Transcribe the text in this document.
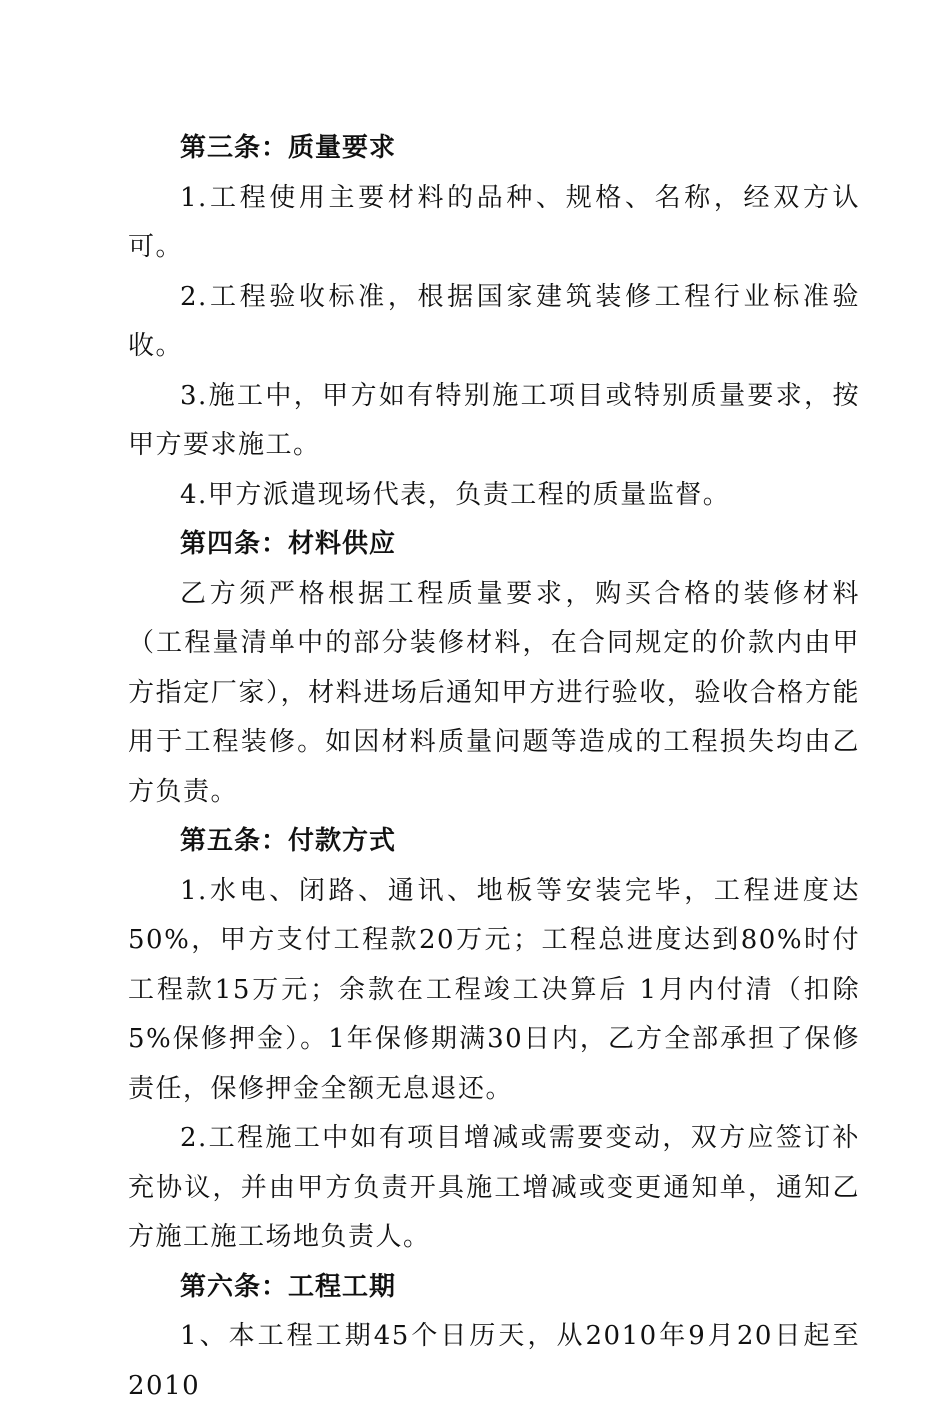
第三条：质量要求

1.工程使用主要材料的品种、规格、名称，经双方认可。

2.工程验收标准，根据国家建筑装修工程行业标准验收。

3.施工中，甲方如有特别施工项目或特别质量要求，按甲方要求施工。

4.甲方派遣现场代表，负责工程的质量监督。

第四条：材料供应

乙方须严格根据工程质量要求，购买合格的装修材料（工程量清单中的部分装修材料，在合同规定的价款内由甲方指定厂家），材料进场后通知甲方进行验收，验收合格方能用于工程装修。如因材料质量问题等造成的工程损失均由乙方负责。

第五条：付款方式

1.水电、闭路、通讯、地板等安装完毕，工程进度达50%，甲方支付工程款20万元；工程总进度达到80%时付工程款15万元；余款在工程竣工决算后 1月内付清（扣除5%保修押金）。1年保修期满30日内，乙方全部承担了保修责任，保修押金全额无息退还。

2.工程施工中如有项目增减或需要变动，双方应签订补充协议，并由甲方负责开具施工增减或变更通知单，通知乙方施工施工场地负责人。

第六条：工程工期

1、本工程工期45个日历天，从2010年9月20日起至2010
